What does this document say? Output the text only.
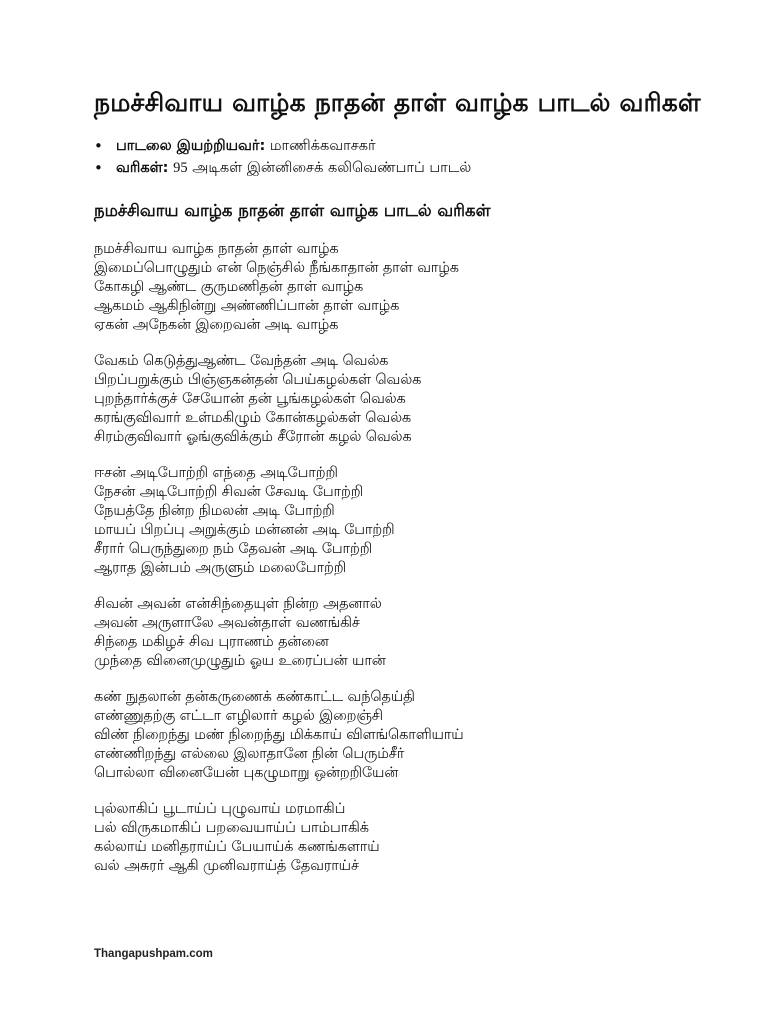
நமச்சிவாய வாழ்க நாதன் தாள் வாழ்க பாடல் வரிகள்
• பாடலை இயற்றியவர்: மாணிக்கவாசகர்
• வரிகள்: 95 அடிகள் இன்னிசைக் கலிவெண்பாப் பாடல்
நமச்சிவாய வாழ்க நாதன் தாள் வாழ்க பாடல் வரிகள்
நமச்சிவாய வாழ்க நாதன் தாள் வாழ்க
இமைப்பொழுதும் என் நெஞ்சில் நீங்காதான் தாள் வாழ்க
கோகழி ஆண்ட குருமணிதன் தாள் வாழ்க
ஆகமம் ஆகிநின்று அண்ணிப்பான் தாள் வாழ்க
ஏகன் அநேகன் இறைவன் அடி வாழ்க
வேகம் கெடுத்துஆண்ட வேந்தன் அடி வெல்க
பிறப்பறுக்கும் பிஞ்ஞகன்தன் பெய்கழல்கள் வெல்க
புறந்தார்க்குச் சேயோன் தன் பூங்கழல்கள் வெல்க
கரங்குவிவார் உள்மகிழும் கோன்கழல்கள் வெல்க
சிரம்குவிவார் ஓங்குவிக்கும் சீரோன் கழல் வெல்க
ஈசன் அடிபோற்றி எந்தை அடிபோற்றி
நேசன் அடிபோற்றி சிவன் சேவடி போற்றி
நேயத்தே நின்ற நிமலன் அடி போற்றி
மாயப் பிறப்பு அறுக்கும் மன்னன் அடி போற்றி
சீரார் பெருந்துறை நம் தேவன் அடி போற்றி
ஆராத இன்பம் அருளும் மலைபோற்றி
சிவன் அவன் என்சிந்தையுள் நின்ற அதனால்
அவன் அருளாலே அவன்தாள் வணங்கிச்
சிந்தை மகிழச் சிவ புராணம் தன்னை
முந்தை வினைமுழுதும் ஓய உரைப்பன் யான்
கண் நுதலான் தன்கருணைக் கண்காட்ட வந்தெய்தி
எண்ணுதற்கு எட்டா எழிலார் கழல் இறைஞ்சி
விண் நிறைந்து மண் நிறைந்து மிக்காய் விளங்கொளியாய்
எண்ணிறந்து எல்லை இலாதானே நின் பெரும்சீர்
பொல்லா வினையேன் புகழுமாறு ஒன்றறியேன்
புல்லாகிப் பூடாய்ப் புழுவாய் மரமாகிப்
பல் விருகமாகிப் பறவையாய்ப் பாம்பாகிக்
கல்லாய் மனிதராய்ப் பேயாய்க் கணங்களாய்
வல் அசுரர் ஆகி முனிவராய்த் தேவராய்ச்
Thangapushpam.com
